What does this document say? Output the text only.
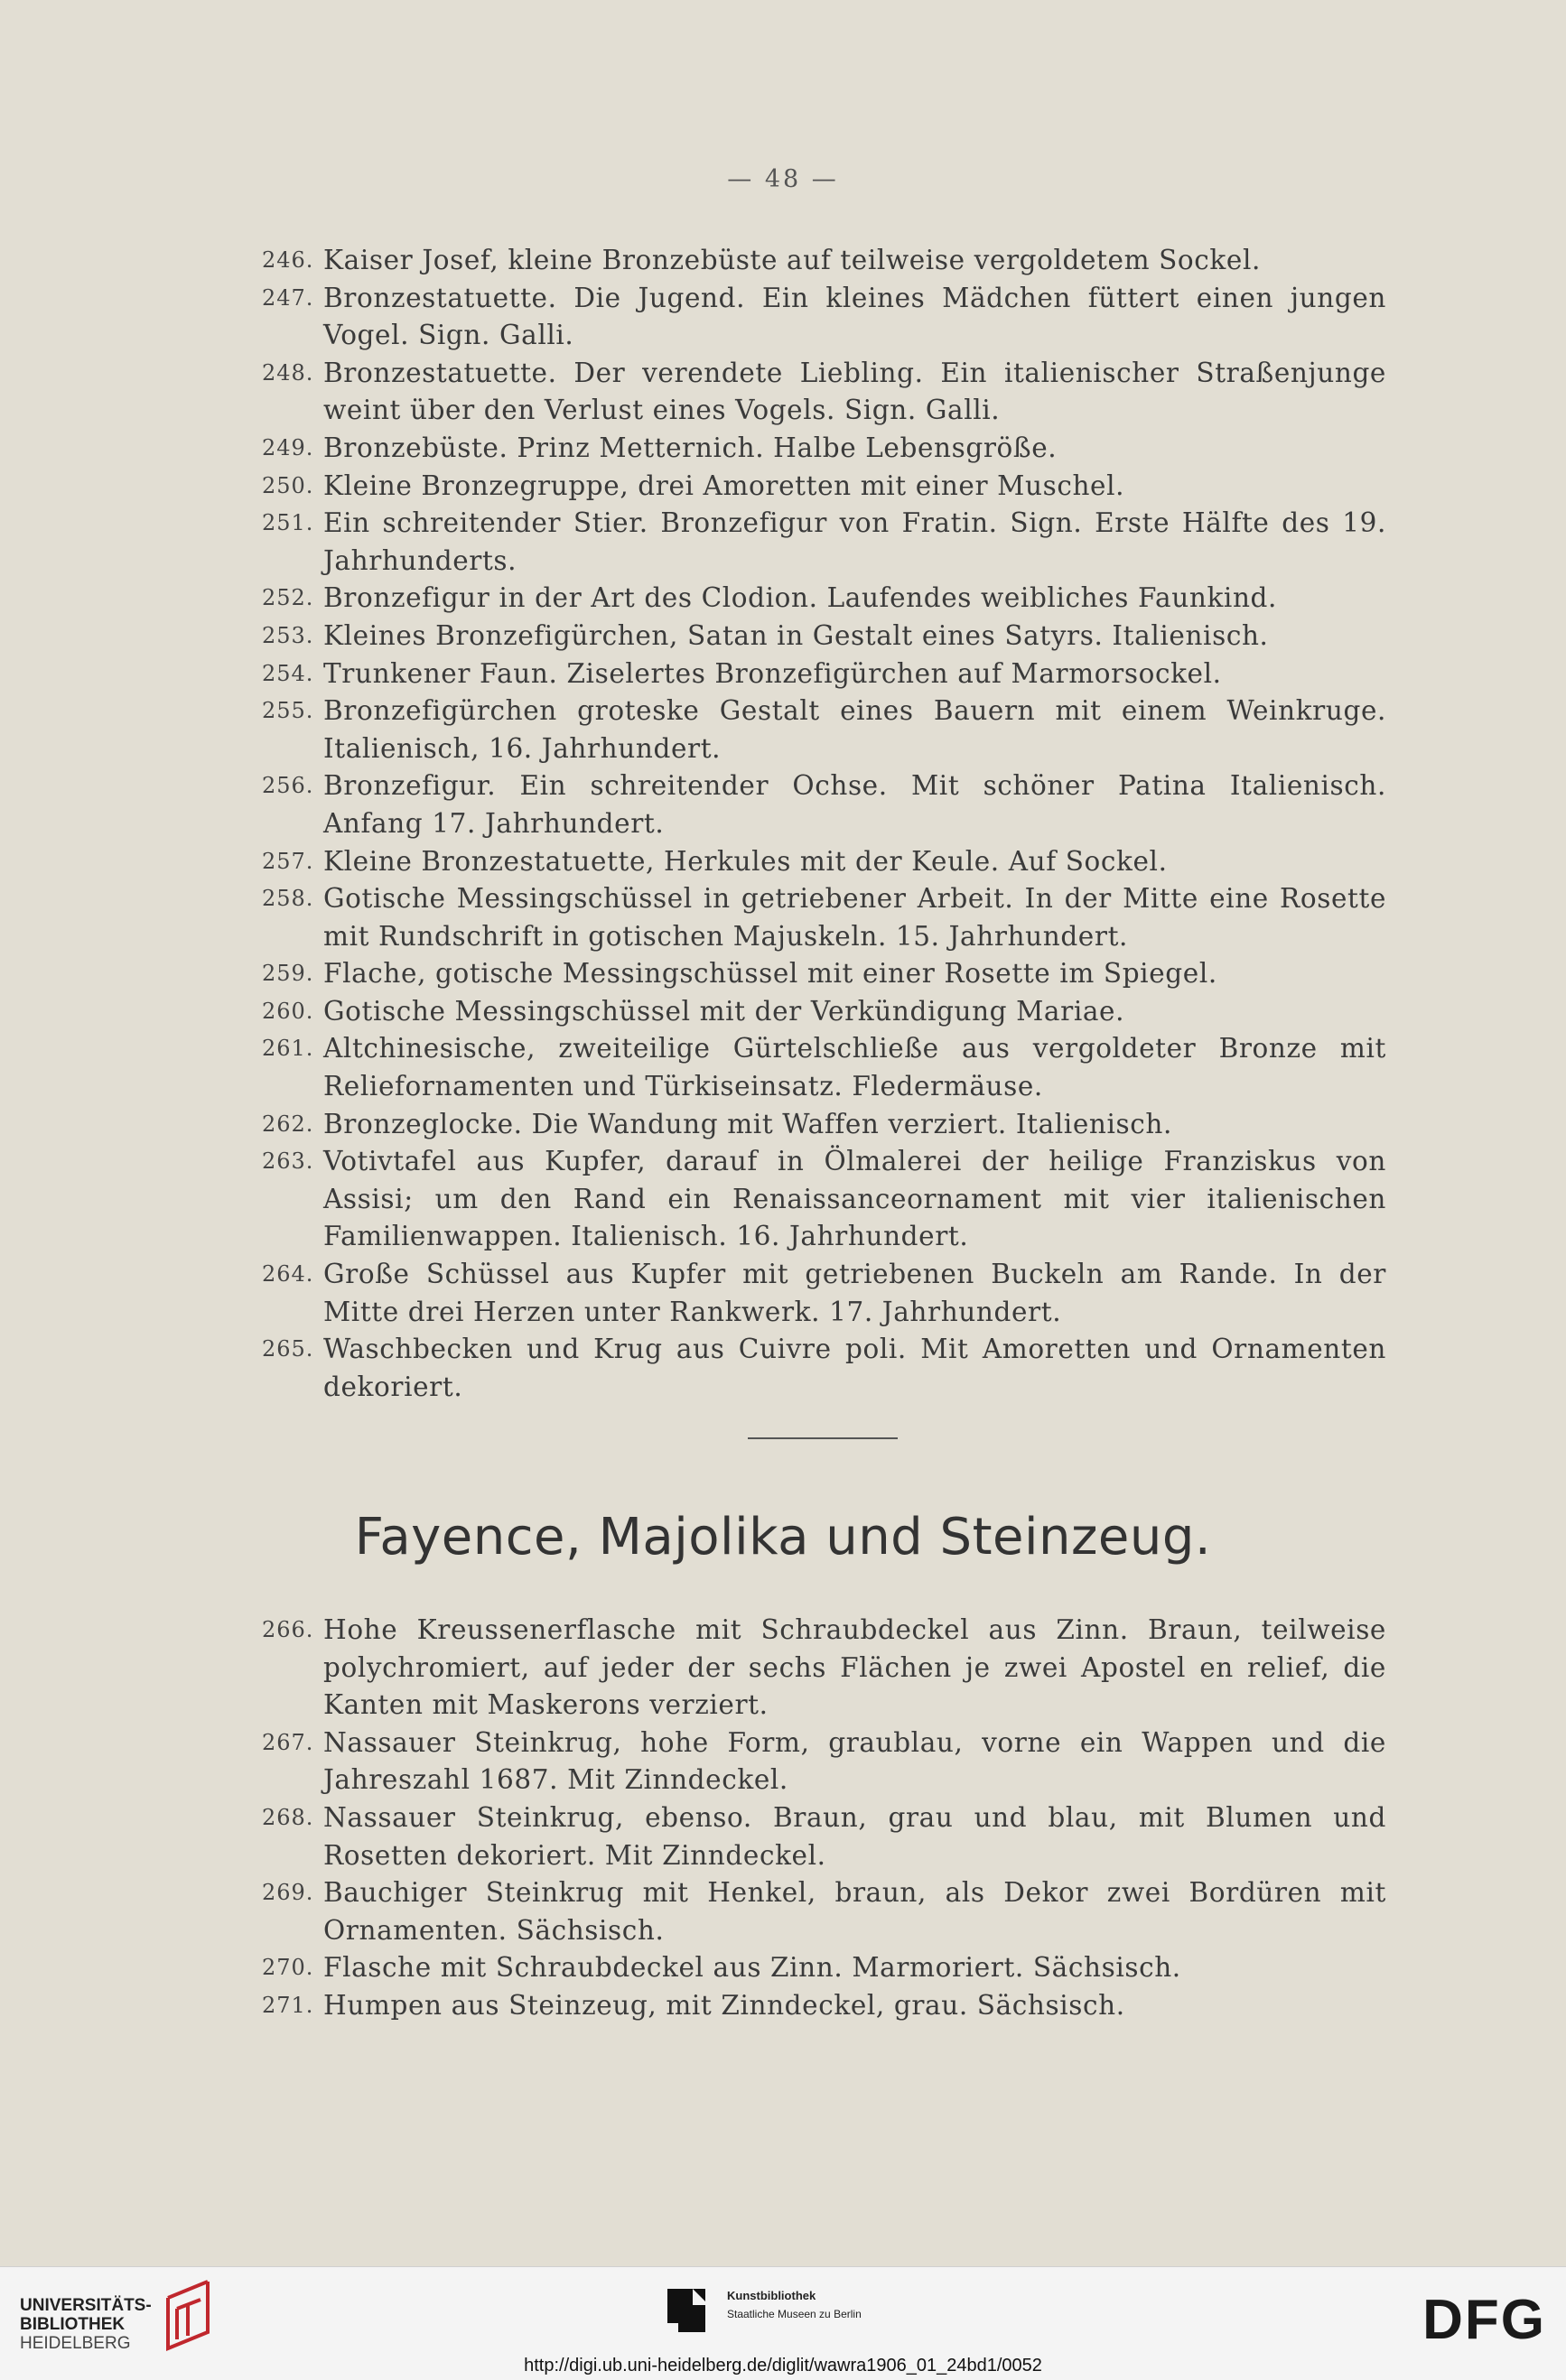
— 48 —
246. Kaiser Josef, kleine Bronzebüste auf teilweise vergoldetem Sockel.
247. Bronzestatuette. Die Jugend. Ein kleines Mädchen füttert einen jungen Vogel. Sign. Galli.
248. Bronzestatuette. Der verendete Liebling. Ein italienischer Straßenjunge weint über den Verlust eines Vogels. Sign. Galli.
249. Bronzebüste. Prinz Metternich. Halbe Lebensgröße.
250. Kleine Bronzegruppe, drei Amoretten mit einer Muschel.
251. Ein schreitender Stier. Bronzefigur von Fratin. Sign. Erste Hälfte des 19. Jahrhunderts.
252. Bronzefigur in der Art des Clodion. Laufendes weibliches Faunkind.
253. Kleines Bronzefigürchen, Satan in Gestalt eines Satyrs. Italienisch.
254. Trunkener Faun. Ziselertes Bronzefigürchen auf Marmorsockel.
255. Bronzefigürchen groteske Gestalt eines Bauern mit einem Weinkruge. Italienisch, 16. Jahrhundert.
256. Bronzefigur. Ein schreitender Ochse. Mit schöner Patina Italienisch. Anfang 17. Jahrhundert.
257. Kleine Bronzestatuette, Herkules mit der Keule. Auf Sockel.
258. Gotische Messingschüssel in getriebener Arbeit. In der Mitte eine Rosette mit Rundschrift in gotischen Majuskeln. 15. Jahrhundert.
259. Flache, gotische Messingschüssel mit einer Rosette im Spiegel.
260. Gotische Messingschüssel mit der Verkündigung Mariae.
261. Altchinesische, zweiteilige Gürtelschließe aus vergoldeter Bronze mit Reliefornamenten und Türkiseinsatz. Fledermäuse.
262. Bronzeglocke. Die Wandung mit Waffen verziert. Italienisch.
263. Votivtafel aus Kupfer, darauf in Ölmalerei der heilige Franziskus von Assisi; um den Rand ein Renaissanceornament mit vier italienischen Familienwappen. Italienisch. 16. Jahrhundert.
264. Große Schüssel aus Kupfer mit getriebenen Buckeln am Rande. In der Mitte drei Herzen unter Rankwerk. 17. Jahrhundert.
265. Waschbecken und Krug aus Cuivre poli. Mit Amoretten und Ornamenten dekoriert.
Fayence, Majolika und Steinzeug.
266. Hohe Kreussenerflasche mit Schraubdeckel aus Zinn. Braun, teilweise polychromiert, auf jeder der sechs Flächen je zwei Apostel en relief, die Kanten mit Maskerons verziert.
267. Nassauer Steinkrug, hohe Form, graublau, vorne ein Wappen und die Jahreszahl 1687. Mit Zinndeckel.
268. Nassauer Steinkrug, ebenso. Braun, grau und blau, mit Blumen und Rosetten dekoriert. Mit Zinndeckel.
269. Bauchiger Steinkrug mit Henkel, braun, als Dekor zwei Bordüren mit Ornamenten. Sächsisch.
270. Flasche mit Schraubdeckel aus Zinn. Marmoriert. Sächsisch.
271. Humpen aus Steinzeug, mit Zinndeckel, grau. Sächsisch.
UNIVERSITÄTS-
BIBLIOTHEK
HEIDELBERG
Kunstbibliothek
Staatliche Museen zu Berlin	DFG
http://digi.ub.uni-heidelberg.de/diglit/wawra1906_01_24bd1/0052
